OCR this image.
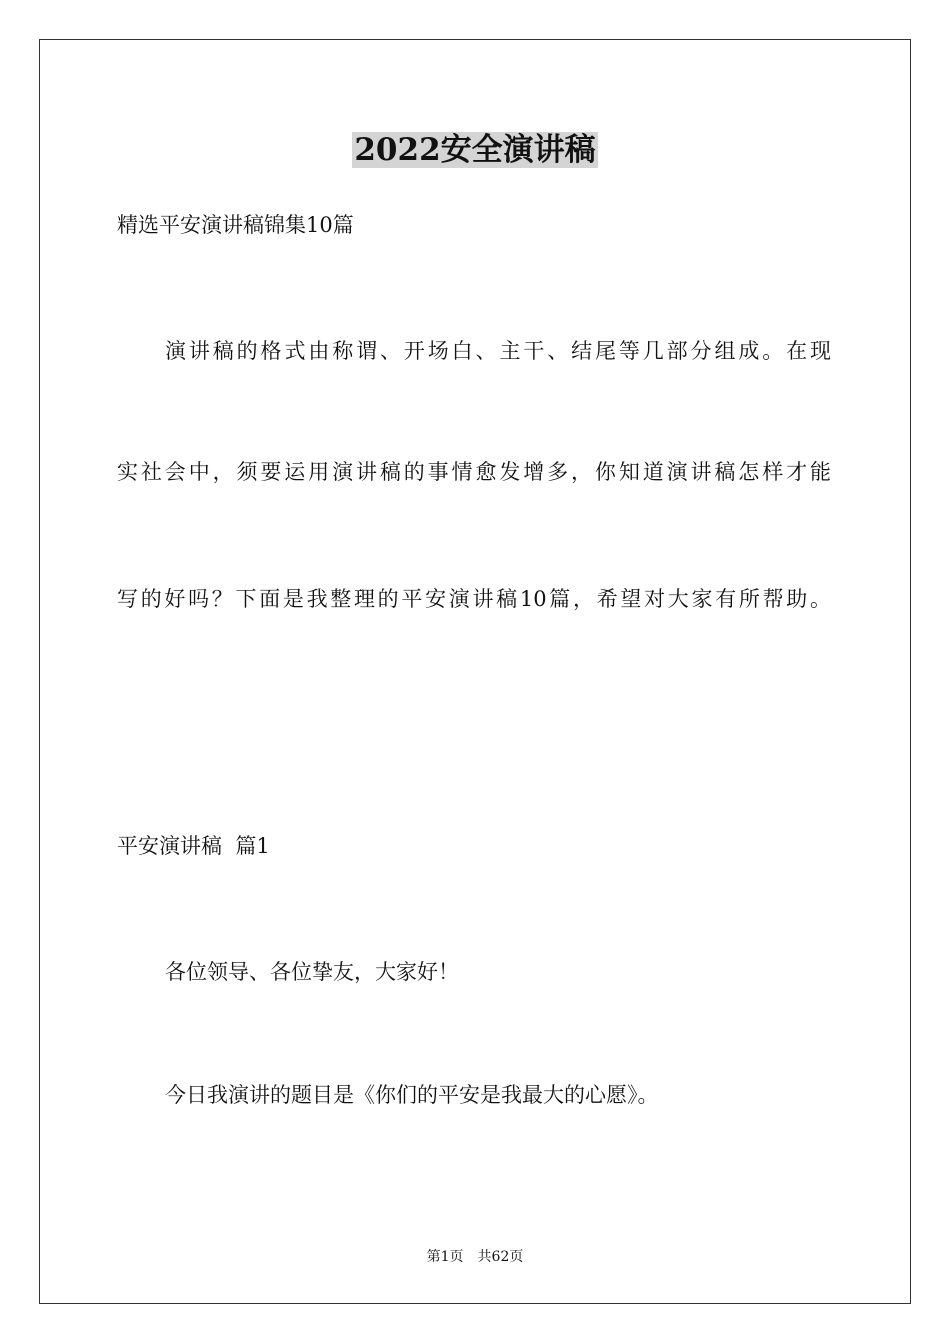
2022安全演讲稿
精选平安演讲稿锦集10篇
演讲稿的格式由称谓、开场白、主干、结尾等几部分组成。在现
实社会中，须要运用演讲稿的事情愈发增多，你知道演讲稿怎样才能
写的好吗？下面是我整理的平安演讲稿10篇，希望对大家有所帮助。
平安演讲稿  篇1
各位领导、各位挚友，大家好！
今日我演讲的题目是《你们的平安是我最大的心愿》。
第1页 共62页
